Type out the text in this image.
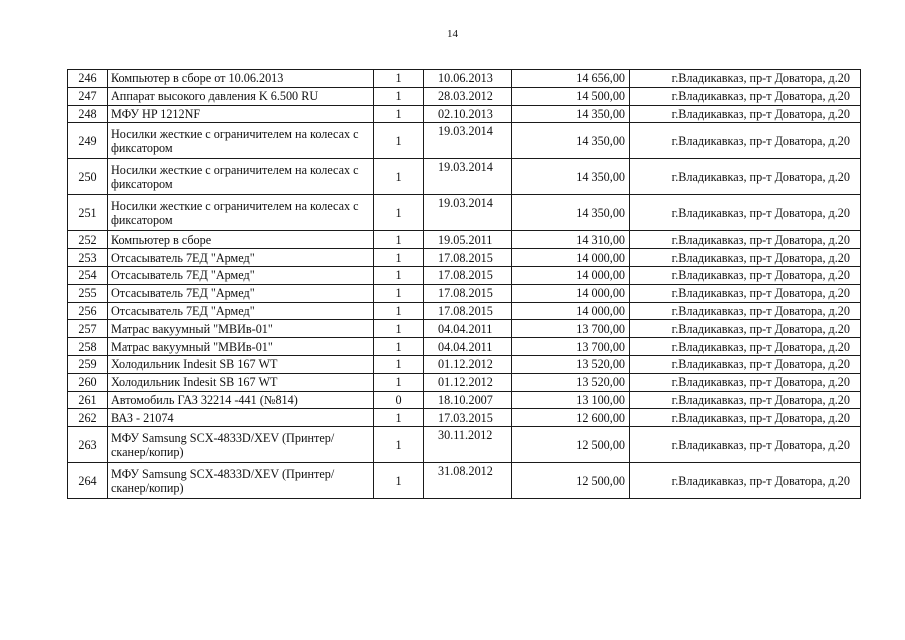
14
246	Компьютер в сборе от 10.06.2013	1	10.06.2013	14 656,00	г.Владикавказ, пр-т Доватора, д.20
247	Аппарат высокого давления K 6.500 RU	1	28.03.2012	14 500,00	г.Владикавказ, пр-т Доватора, д.20
248	МФУ HP 1212NF	1	02.10.2013	14 350,00	г.Владикавказ, пр-т Доватора, д.20
249	Носилки жесткие с ограничителем на колесах с фиксатором	1	19.03.2014	14 350,00	г.Владикавказ, пр-т Доватора, д.20
250	Носилки жесткие с ограничителем на колесах с фиксатором	1	19.03.2014	14 350,00	г.Владикавказ, пр-т Доватора, д.20
251	Носилки жесткие с ограничителем на колесах с фиксатором	1	19.03.2014	14 350,00	г.Владикавказ, пр-т Доватора, д.20
252	Компьютер в сборе	1	19.05.2011	14 310,00	г.Владикавказ, пр-т Доватора, д.20
253	Отсасыватель 7ЕД "Армед"	1	17.08.2015	14 000,00	г.Владикавказ, пр-т Доватора, д.20
254	Отсасыватель 7ЕД "Армед"	1	17.08.2015	14 000,00	г.Владикавказ, пр-т Доватора, д.20
255	Отсасыватель 7ЕД "Армед"	1	17.08.2015	14 000,00	г.Владикавказ, пр-т Доватора, д.20
256	Отсасыватель 7ЕД "Армед"	1	17.08.2015	14 000,00	г.Владикавказ, пр-т Доватора, д.20
257	Матрас вакуумный "МВИв-01"	1	04.04.2011	13 700,00	г.Владикавказ, пр-т Доватора, д.20
258	Матрас вакуумный "МВИв-01"	1	04.04.2011	13 700,00	г.Владикавказ, пр-т Доватора, д.20
259	Холодильник Indesit SB 167 WT	1	01.12.2012	13 520,00	г.Владикавказ, пр-т Доватора, д.20
260	Холодильник Indesit SB 167 WT	1	01.12.2012	13 520,00	г.Владикавказ, пр-т Доватора, д.20
261	Автомобиль ГАЗ 32214 -441 (№814)	0	18.10.2007	13 100,00	г.Владикавказ, пр-т Доватора, д.20
262	ВАЗ - 21074	1	17.03.2015	12 600,00	г.Владикавказ, пр-т Доватора, д.20
263	МФУ Samsung SCX-4833D/XEV (Принтер/сканер/копир)	1	30.11.2012	12 500,00	г.Владикавказ, пр-т Доватора, д.20
264	МФУ Samsung SCX-4833D/XEV (Принтер/сканер/копир)	1	31.08.2012	12 500,00	г.Владикавказ, пр-т Доватора, д.20
